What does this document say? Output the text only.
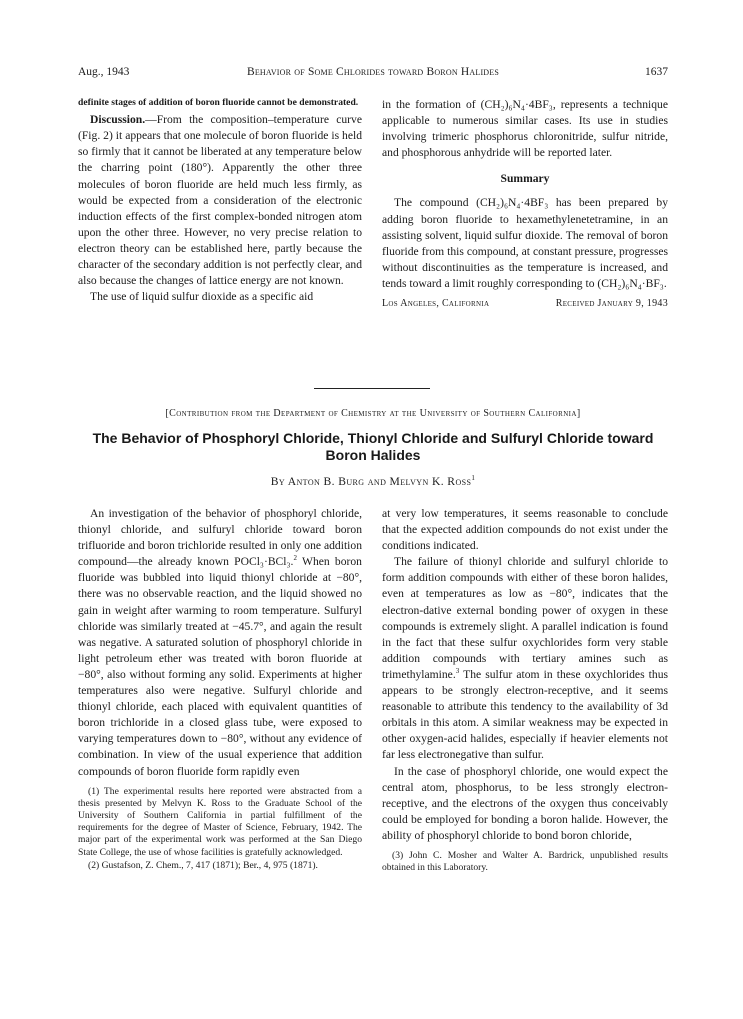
Aug., 1943	Behavior of Some Chlorides toward Boron Halides	1637

definite stages of addition of boron fluoride cannot be demonstrated.

Discussion.—From the composition–temperature curve (Fig. 2) it appears that one molecule of boron fluoride is held so firmly that it cannot be liberated at any temperature below the charring point (180°). Apparently the other three molecules of boron fluoride are held much less firmly, as would be expected from a consideration of the electronic induction effects of the first complex-bonded nitrogen atom upon the other three. However, no very precise relation to electron theory can be established here, partly because the character of the secondary addition is not perfectly clear, and also because the changes of lattice energy are not known.

The use of liquid sulfur dioxide as a specific aid

in the formation of (CH₂)₆N₄·4BF₃, represents a technique applicable to numerous similar cases. Its use in studies involving trimeric phosphorus chloronitride, sulfur nitride, and phosphorous anhydride will be reported later.

Summary

The compound (CH₂)₆N₄·4BF₃ has been prepared by adding boron fluoride to hexamethylenetetramine, in an assisting solvent, liquid sulfur dioxide. The removal of boron fluoride from this compound, at constant pressure, progresses without discontinuities as the temperature is increased, and tends toward a limit roughly corresponding to (CH₂)₆N₄·BF₃.

Los Angeles, California	Received January 9, 1943
[Contribution from the Department of Chemistry at the University of Southern California]
The Behavior of Phosphoryl Chloride, Thionyl Chloride and Sulfuryl Chloride toward
Boron Halides
By Anton B. Burg and Melvyn K. Ross$^1$

An investigation of the behavior of phosphoryl chloride, thionyl chloride, and sulfuryl chloride toward boron trifluoride and boron trichloride resulted in only one addition compound—the already known POCl₃·BCl₃.$^2$ When boron fluoride was bubbled into liquid thionyl chloride at −80°, there was no observable reaction, and the liquid showed no gain in weight after warming to room temperature. Sulfuryl chloride was similarly treated at −45.7°, and again the result was negative. A saturated solution of phosphoryl chloride in light petroleum ether was treated with boron fluoride at −80°, also without forming any solid. Experiments at higher temperatures also were negative. Sulfuryl chloride and thionyl chloride, each placed with equivalent quantities of boron trichloride in a closed glass tube, were exposed to varying temperatures down to −80°, without any evidence of combination. In view of the usual experience that addition compounds of boron fluoride form rapidly even

(1) The experimental results here reported were abstracted from a thesis presented by Melvyn K. Ross to the Graduate School of the University of Southern California in partial fulfillment of the requirements for the degree of Master of Science, February, 1942. The major part of the experimental work was performed at the San Diego State College, the use of whose facilities is gratefully acknowledged.

(2) Gustafson, Z. Chem., 7, 417 (1871); Ber., 4, 975 (1871).

at very low temperatures, it seems reasonable to conclude that the expected addition compounds do not exist under the conditions indicated.

The failure of thionyl chloride and sulfuryl chloride to form addition compounds with either of these boron halides, even at temperatures as low as −80°, indicates that the electron-dative external bonding power of oxygen in these compounds is extremely slight. A parallel indication is found in the fact that these sulfur oxychlorides form very stable addition compounds with tertiary amines such as trimethylamine.$^3$ The sulfur atom in these oxychlorides thus appears to be strongly electron-receptive, and it seems reasonable to attribute this tendency to the availability of 3d orbitals in this atom. A similar weakness may be expected in other oxygen-acid halides, especially if heavier elements not far less electronegative than sulfur.

In the case of phosphoryl chloride, one would expect the central atom, phosphorus, to be less strongly electron-receptive, and the electrons of the oxygen thus conceivably could be employed for bonding a boron halide. However, the ability of phosphoryl chloride to bond boron chloride,

(3) John C. Mosher and Walter A. Bardrick, unpublished results obtained in this Laboratory.
